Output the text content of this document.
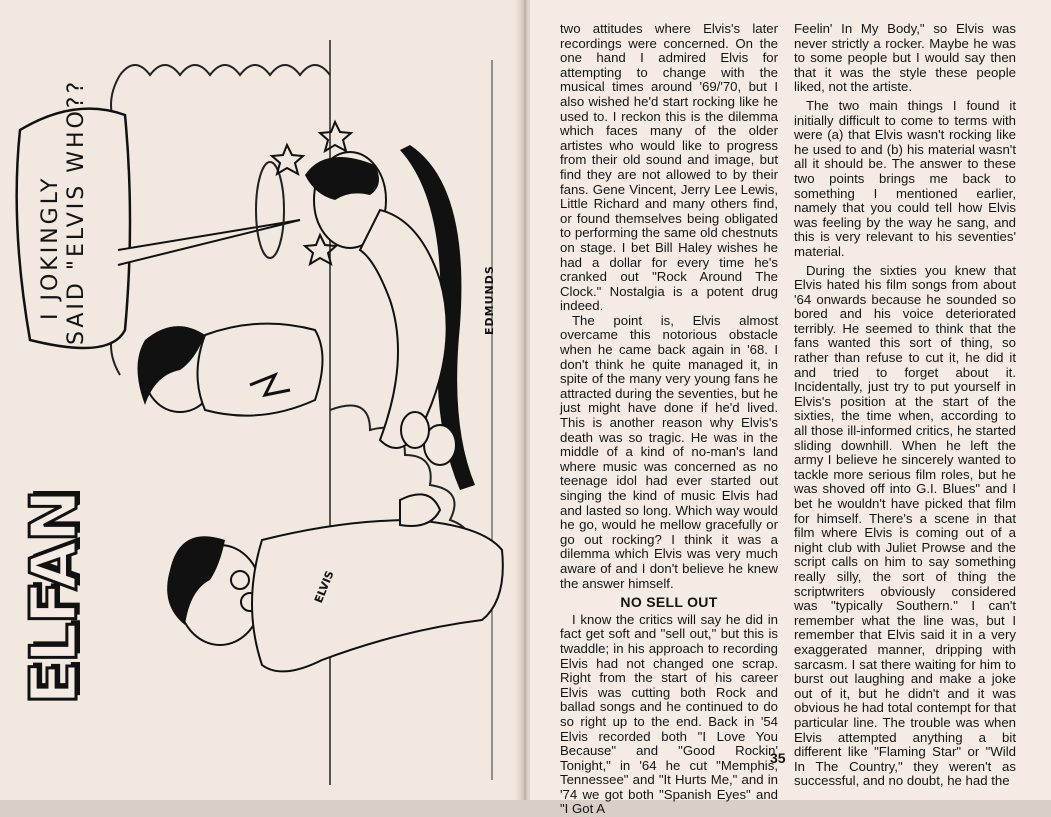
I JOKINGLY SAID "ELVIS WHO??	EDMUNDS
ELVIS
ELFAN

two attitudes where Elvis's later recordings were concerned. On the one hand I admired Elvis for attempting to change with the musical times around '69/'70, but I also wished he'd start rocking like he used to. I reckon this is the dilemma which faces many of the older artistes who would like to progress from their old sound and image, but find they are not allowed to by their fans. Gene Vincent, Jerry Lee Lewis, Little Richard and many others find, or found themselves being obligated to performing the same old chestnuts on stage. I bet Bill Haley wishes he had a dollar for every time he's cranked out "Rock Around The Clock." Nostalgia is a potent drug indeed.

The point is, Elvis almost overcame this notorious obstacle when he came back again in '68. I don't think he quite managed it, in spite of the many very young fans he attracted during the seventies, but he just might have done if he'd lived. This is another reason why Elvis's death was so tragic. He was in the middle of a kind of no-man's land where music was concerned as no teenage idol had ever started out singing the kind of music Elvis had and lasted so long. Which way would he go, would he mellow gracefully or go out rocking? I think it was a dilemma which Elvis was very much aware of and I don't believe he knew the answer himself.

NO SELL OUT

I know the critics will say he did in fact get soft and "sell out," but this is twaddle; in his approach to recording Elvis had not changed one scrap. Right from the start of his career Elvis was cutting both Rock and ballad songs and he continued to do so right up to the end. Back in '54 Elvis recorded both "I Love You Because" and "Good Rockin' Tonight," in '64 he cut "Memphis, Tennessee" and "It Hurts Me," and in '74 we got both "Spanish Eyes" and "I Got A

Feelin' In My Body," so Elvis was never strictly a rocker. Maybe he was to some people but I would say then that it was the style these people liked, not the artiste.

The two main things I found it initially difficult to come to terms with were (a) that Elvis wasn't rocking like he used to and (b) his material wasn't all it should be. The answer to these two points brings me back to something I mentioned earlier, namely that you could tell how Elvis was feeling by the way he sang, and this is very relevant to his seventies' material.

During the sixties you knew that Elvis hated his film songs from about '64 onwards because he sounded so bored and his voice deteriorated terribly. He seemed to think that the fans wanted this sort of thing, so rather than refuse to cut it, he did it and tried to forget about it. Incidentally, just try to put yourself in Elvis's position at the start of the sixties, the time when, according to all those ill-informed critics, he started sliding downhill. When he left the army I believe he sincerely wanted to tackle more serious film roles, but he was shoved off into G.I. Blues" and I bet he wouldn't have picked that film for himself. There's a scene in that film where Elvis is coming out of a night club with Juliet Prowse and the script calls on him to say something really silly, the sort of thing the scriptwriters obviously considered was "typically Southern." I can't remember what the line was, but I remember that Elvis said it in a very exaggerated manner, dripping with sarcasm. I sat there waiting for him to burst out laughing and make a joke out of it, but he didn't and it was obvious he had total contempt for that particular line. The trouble was when Elvis attempted anything a bit different like "Flaming Star" or "Wild In The Country," they weren't as successful, and no doubt, he had the

35
